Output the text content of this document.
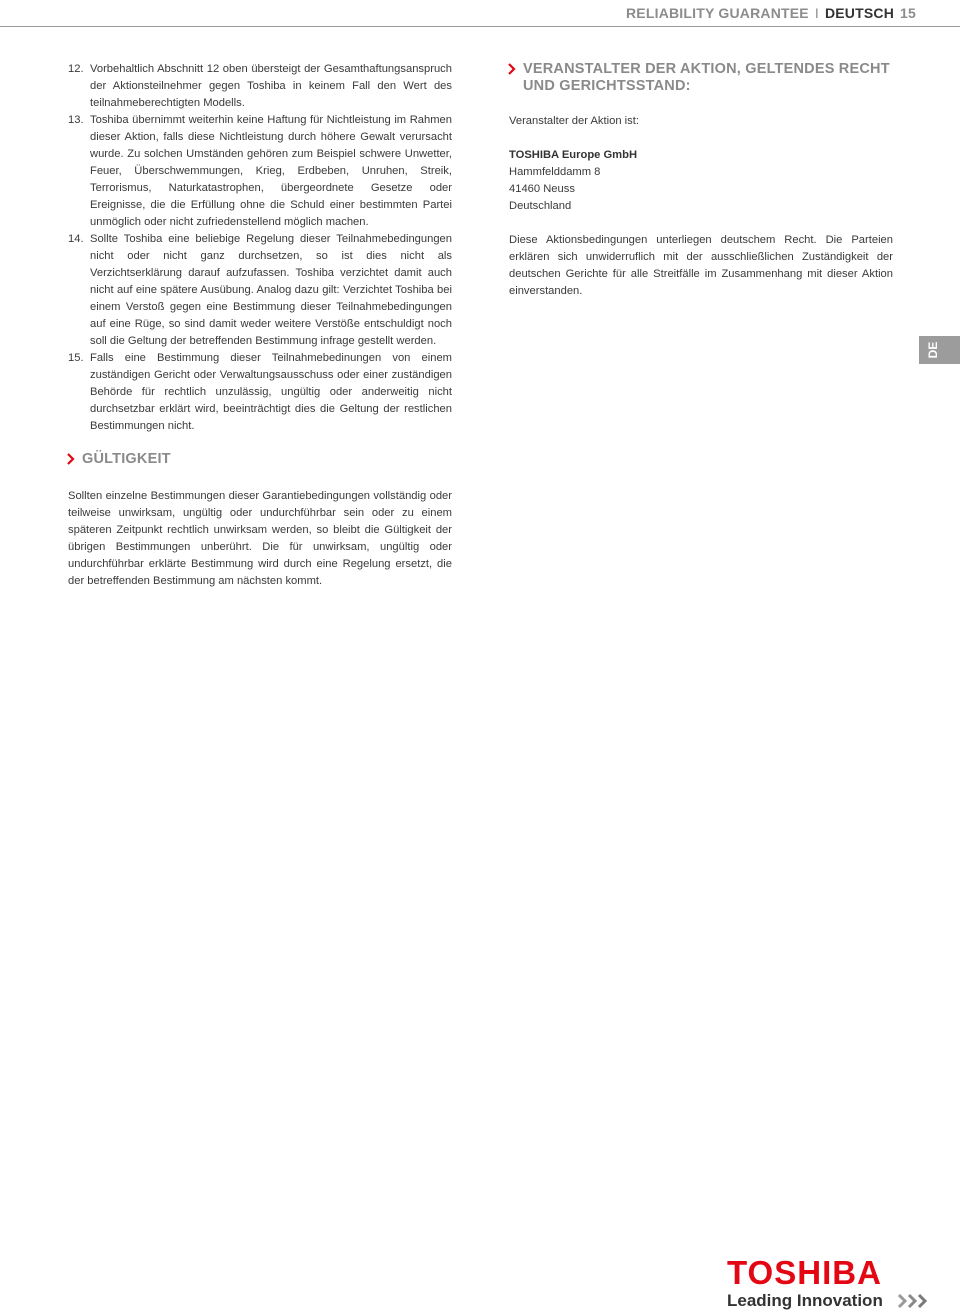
RELIABILITY GUARANTEE I DEUTSCH 15
12. Vorbehaltlich Abschnitt 12 oben übersteigt der Gesamthaftungsanspruch der Aktionsteilnehmer gegen Toshiba in keinem Fall den Wert des teilnahmeberechtigten Modells.
13. Toshiba übernimmt weiterhin keine Haftung für Nichtleistung im Rahmen dieser Aktion, falls diese Nichtleistung durch höhere Gewalt verursacht wurde. Zu solchen Umständen gehören zum Beispiel schwere Unwetter, Feuer, Überschwemmungen, Krieg, Erdbeben, Unruhen, Streik, Terrorismus, Naturkatastrophen, übergeordnete Gesetze oder Ereignisse, die die Erfüllung ohne die Schuld einer bestimmten Partei unmöglich oder nicht zufriedenstellend möglich machen.
14. Sollte Toshiba eine beliebige Regelung dieser Teilnahmebedingungen nicht oder nicht ganz durchsetzen, so ist dies nicht als Verzichtserklärung darauf aufzufassen. Toshiba verzichtet damit auch nicht auf eine spätere Ausübung. Analog dazu gilt: Verzichtet Toshiba bei einem Verstoß gegen eine Bestimmung dieser Teilnahmebedingungen auf eine Rüge, so sind damit weder weitere Verstöße entschuldigt noch soll die Geltung der betreffenden Bestimmung infrage gestellt werden.
15. Falls eine Bestimmung dieser Teilnahmebedinungen von einem zuständigen Gericht oder Verwaltungsausschuss oder einer zuständigen Behörde für rechtlich unzulässig, ungültig oder anderweitig nicht durchsetzbar erklärt wird, beeinträchtigt dies die Geltung der restlichen Bestimmungen nicht.
VERANSTALTER DER AKTION, GELTENDES RECHT
UND GERICHTSSTAND:

Veranstalter der Aktion ist:

TOSHIBA Europe GmbH

Hammfelddamm 8

41460 Neuss

Deutschland

Diese Aktionsbedingungen unterliegen deutschem Recht. Die Parteien erklären sich unwiderruflich mit der ausschließlichen Zuständigkeit der deutschen Gerichte für alle Streitfälle im Zusammenhang mit dieser Aktion einverstanden.

GÜLTIGKEIT

Sollten einzelne Bestimmungen dieser Garantiebedingungen vollständig oder teilweise unwirksam, ungültig oder undurchführbar sein oder zu einem späteren Zeitpunkt rechtlich unwirksam werden, so bleibt die Gültigkeit der übrigen Bestimmungen unberührt. Die für unwirksam, ungültig oder undurchführbar erklärte Bestimmung wird durch eine Regelung ersetzt, die der betreffenden Bestimmung am nächsten kommt.

DE
TOSHIBA
Leading Innovation
